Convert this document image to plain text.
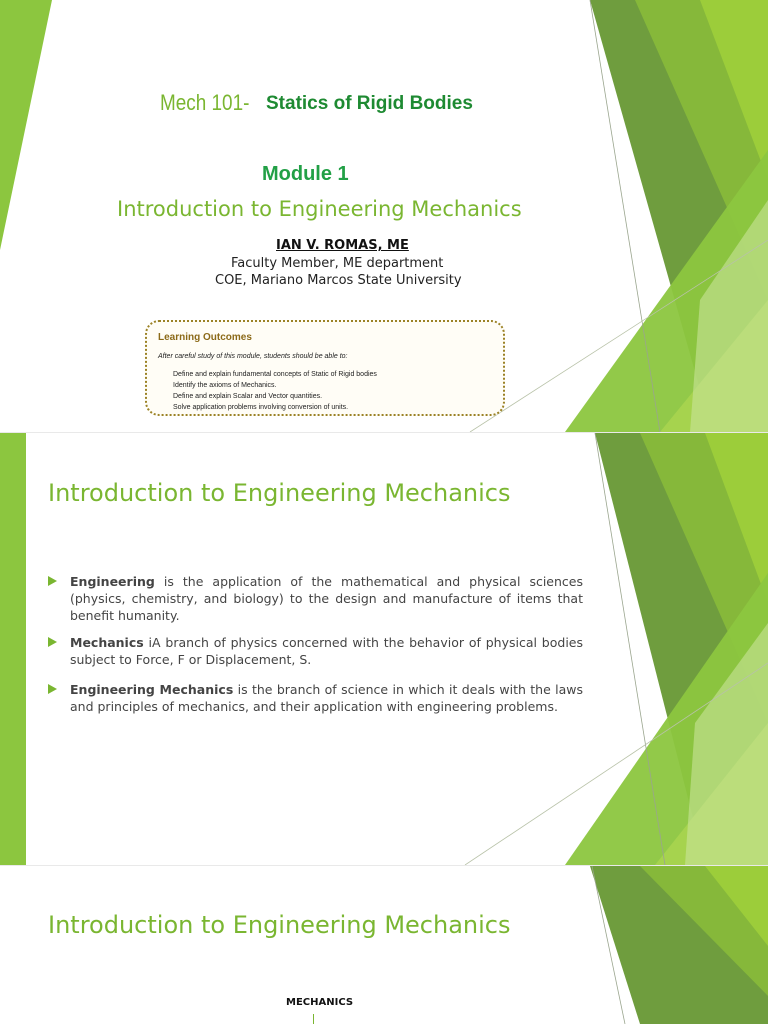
Mech 101- Statics of Rigid Bodies
Module 1
Introduction to Engineering Mechanics
IAN V. ROMAS, ME
Faculty Member, ME department
COE, Mariano Marcos State University
Learning Outcomes
After careful study of this module, students should be able to:
Define and explain fundamental concepts of Static of Rigid bodies
Identify the axioms of Mechanics.
Define and explain Scalar and Vector quantities.
Solve application problems involving conversion of units.
Introduction to Engineering Mechanics

Engineering is the application of the mathematical and physical sciences (physics, chemistry, and biology) to the design and manufacture of items that benefit humanity.

Mechanics iA branch of physics concerned with the behavior of physical bodies subject to Force, F or Displacement, S.

Engineering Mechanics is the branch of science in which it deals with the laws and principles of mechanics, and their application with engineering problems.

Introduction to Engineering Mechanics
MECHANICS
